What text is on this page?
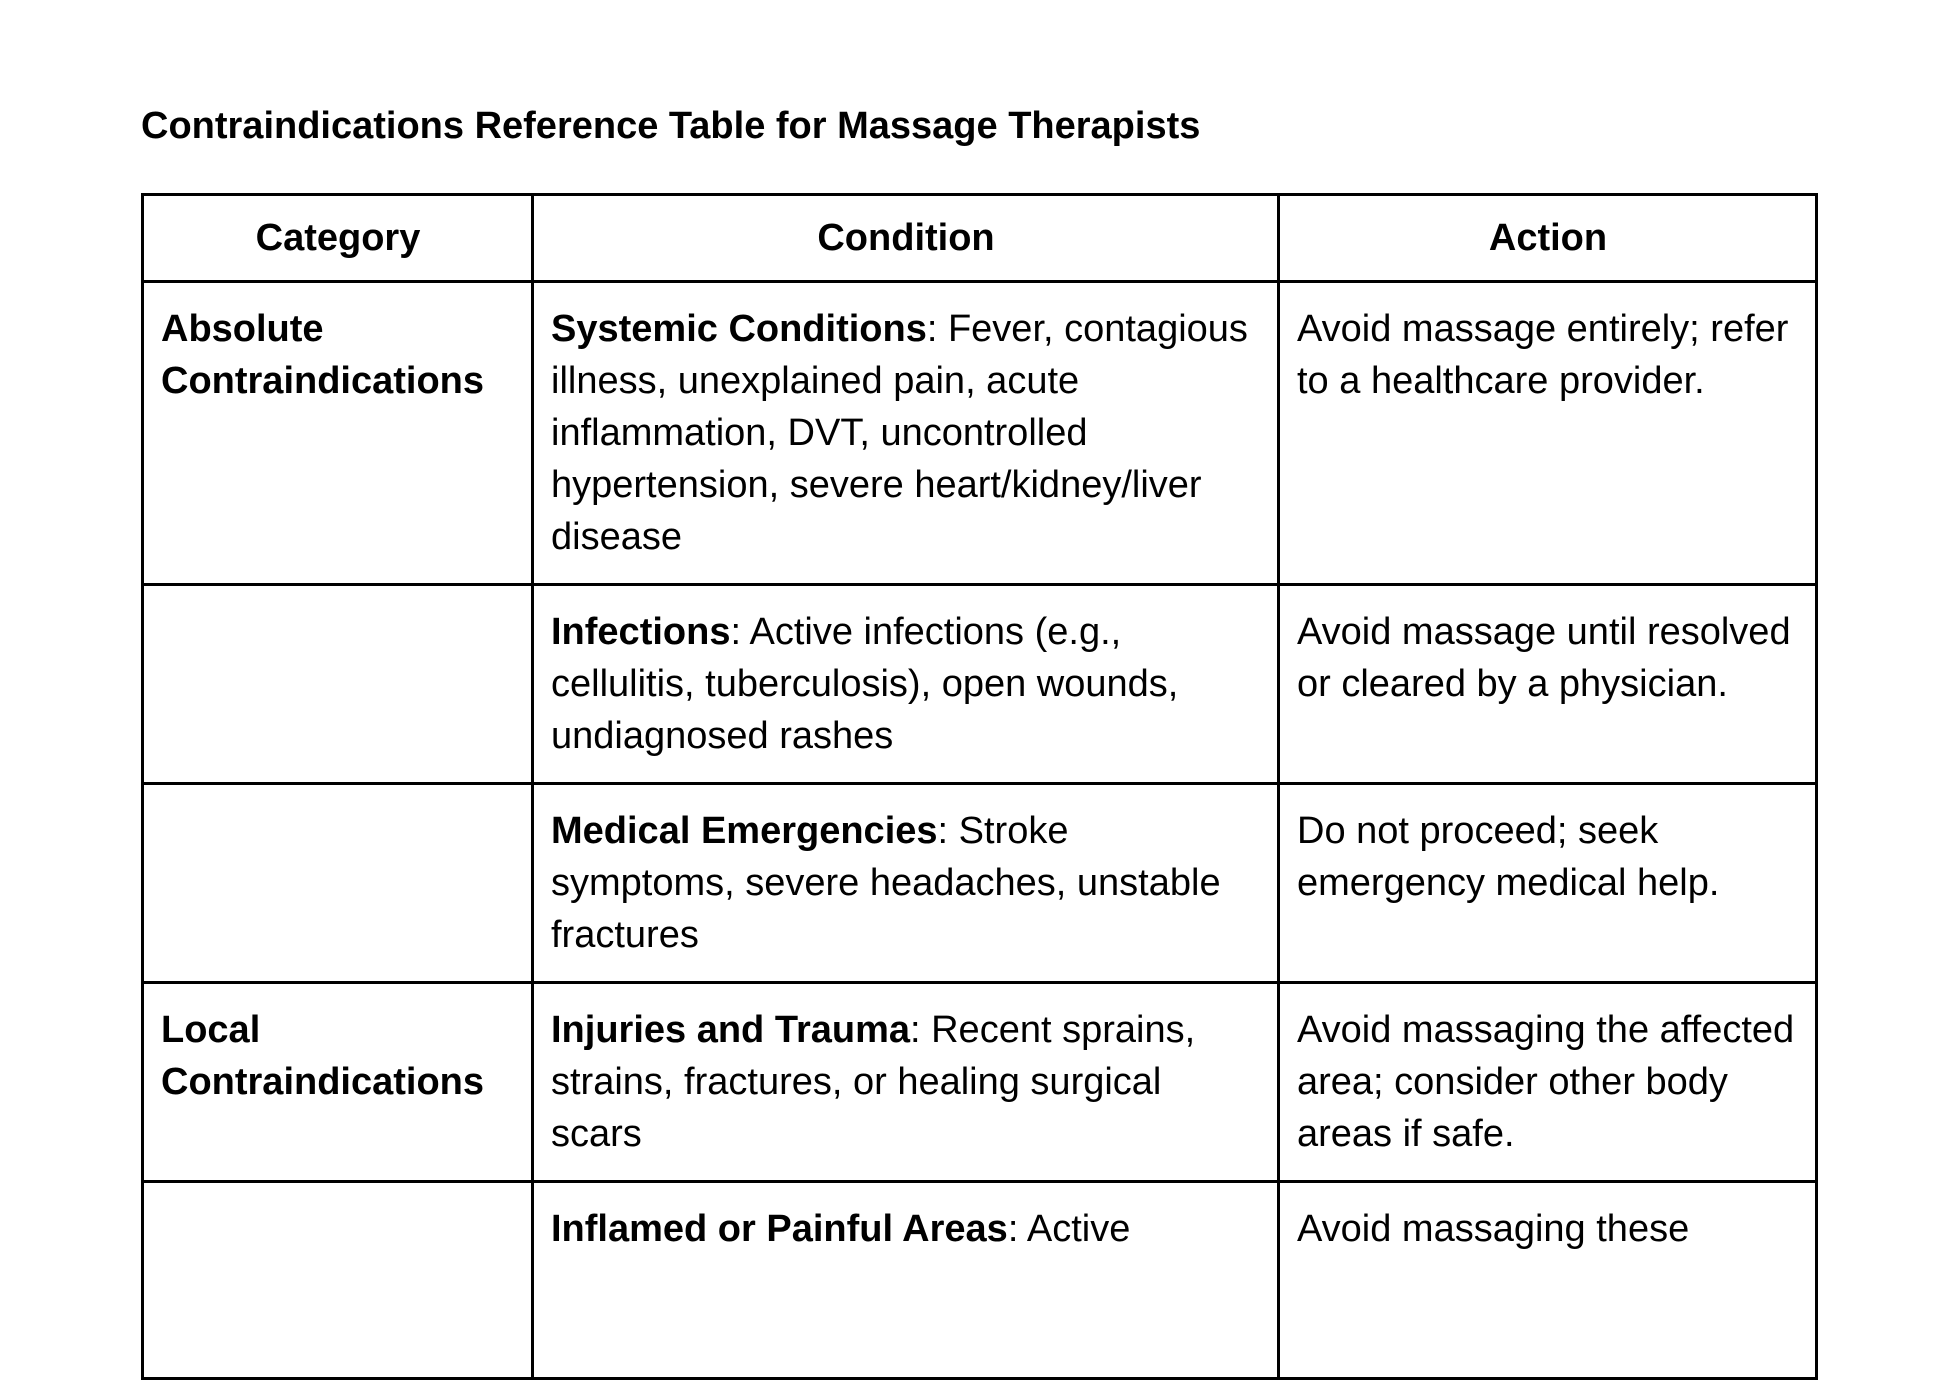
Contraindications Reference Table for Massage Therapists
Category	Condition	Action
Absolute Contraindications	Systemic Conditions: Fever, contagious illness, unexplained pain, acute inflammation, DVT, uncontrolled hypertension, severe heart/kidney/liver disease	Avoid massage entirely; refer to a healthcare provider.
	Infections: Active infections (e.g., cellulitis, tuberculosis), open wounds, undiagnosed rashes	Avoid massage until resolved or cleared by a physician.
	Medical Emergencies: Stroke symptoms, severe headaches, unstable fractures	Do not proceed; seek emergency medical help.
Local Contraindications	Injuries and Trauma: Recent sprains, strains, fractures, or healing surgical scars	Avoid massaging the affected area; consider other body areas if safe.
	Inflamed or Painful Areas: Active	Avoid massaging these
